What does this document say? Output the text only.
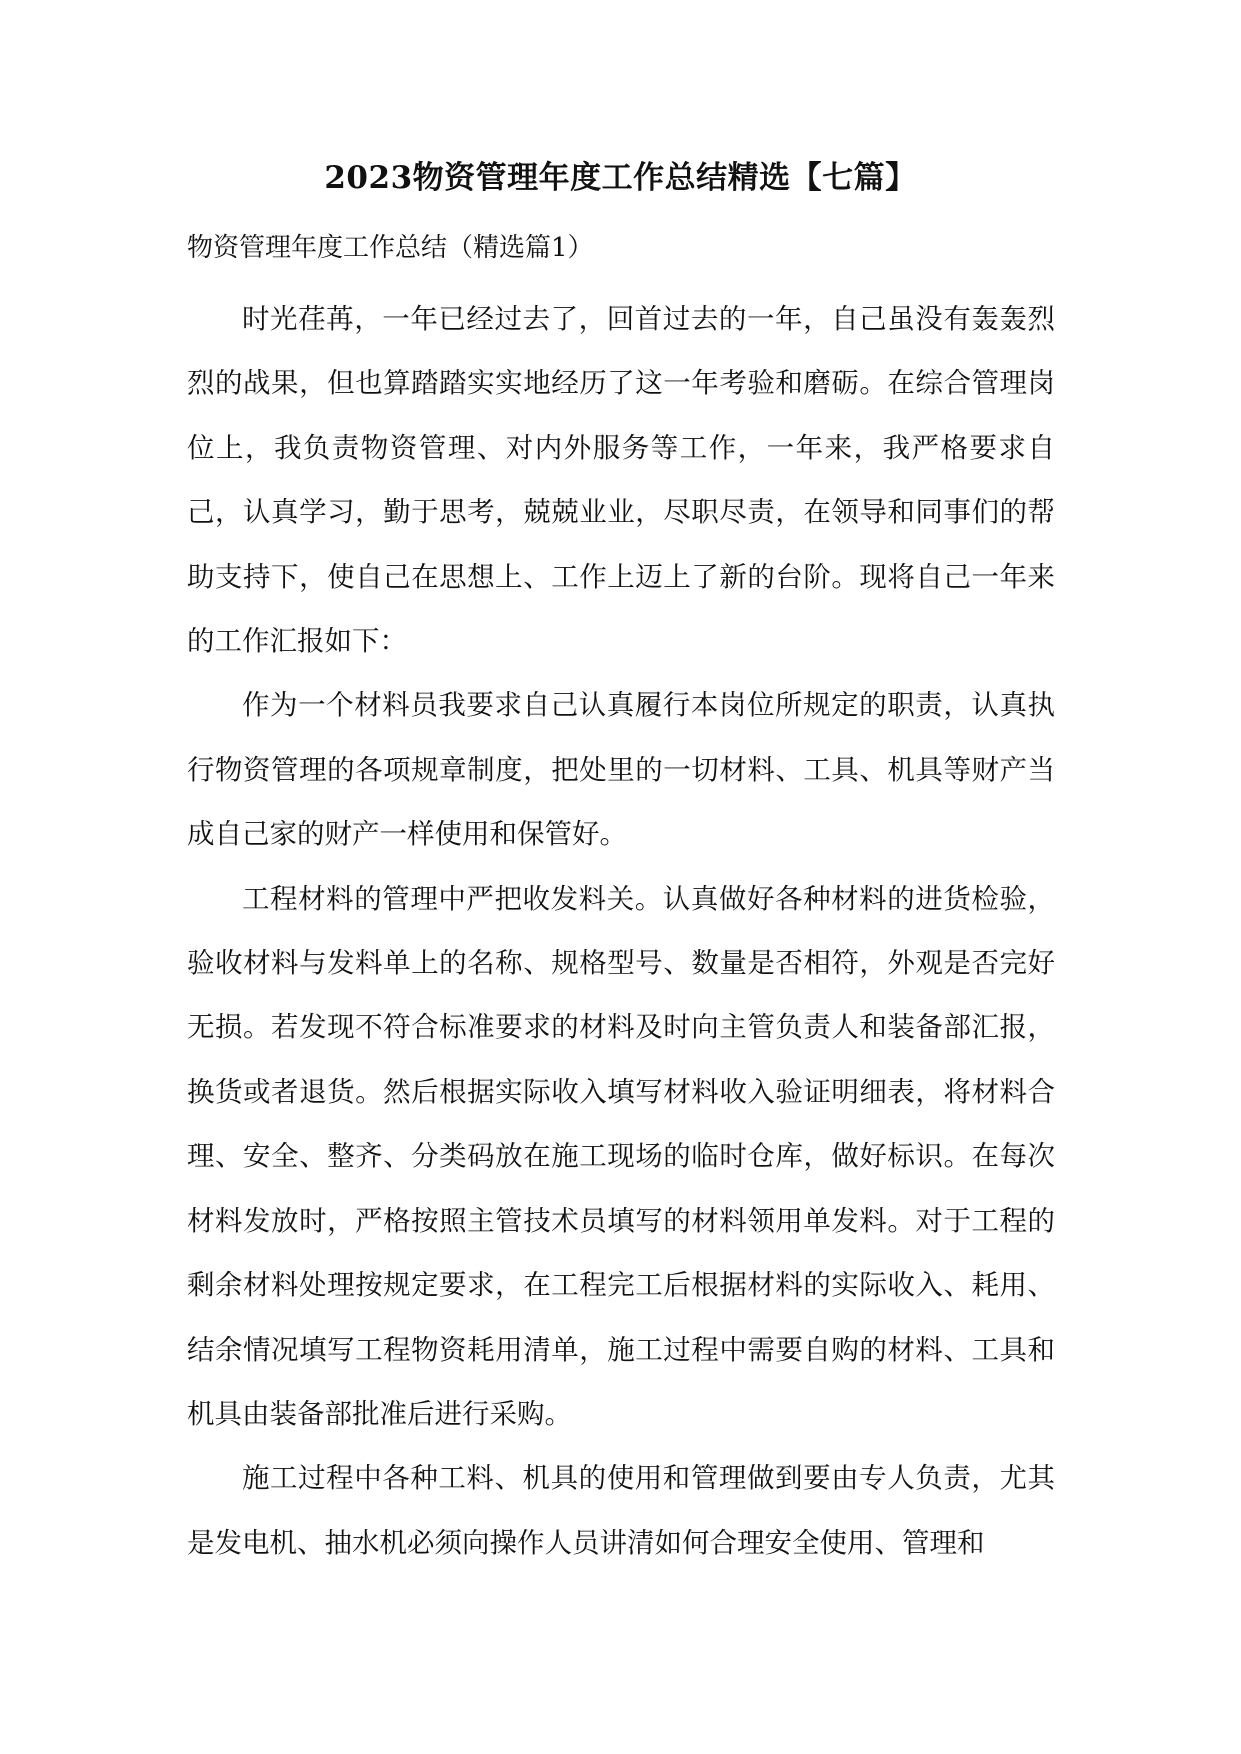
2023物资管理年度工作总结精选【七篇】
物资管理年度工作总结（精选篇1）

时光荏苒，一年已经过去了，回首过去的一年，自己虽没有轰轰烈烈的战果，但也算踏踏实实地经历了这一年考验和磨砺。在综合管理岗位上，我负责物资管理、对内外服务等工作，一年来，我严格要求自己，认真学习，勤于思考，兢兢业业，尽职尽责，在领导和同事们的帮助支持下，使自己在思想上、工作上迈上了新的台阶。现将自己一年来的工作汇报如下：

作为一个材料员我要求自己认真履行本岗位所规定的职责，认真执行物资管理的各项规章制度，把处里的一切材料、工具、机具等财产当成自己家的财产一样使用和保管好。

工程材料的管理中严把收发料关。认真做好各种材料的进货检验，验收材料与发料单上的名称、规格型号、数量是否相符，外观是否完好无损。若发现不符合标准要求的材料及时向主管负责人和装备部汇报，换货或者退货。然后根据实际收入填写材料收入验证明细表，将材料合理、安全、整齐、分类码放在施工现场的临时仓库，做好标识。在每次材料发放时，严格按照主管技术员填写的材料领用单发料。对于工程的剩余材料处理按规定要求，在工程完工后根据材料的实际收入、耗用、结余情况填写工程物资耗用清单，施工过程中需要自购的材料、工具和机具由装备部批准后进行采购。

施工过程中各种工料、机具的使用和管理做到要由专人负责，尤其是发电机、抽水机必须向操作人员讲清如何合理安全使用、管理和
